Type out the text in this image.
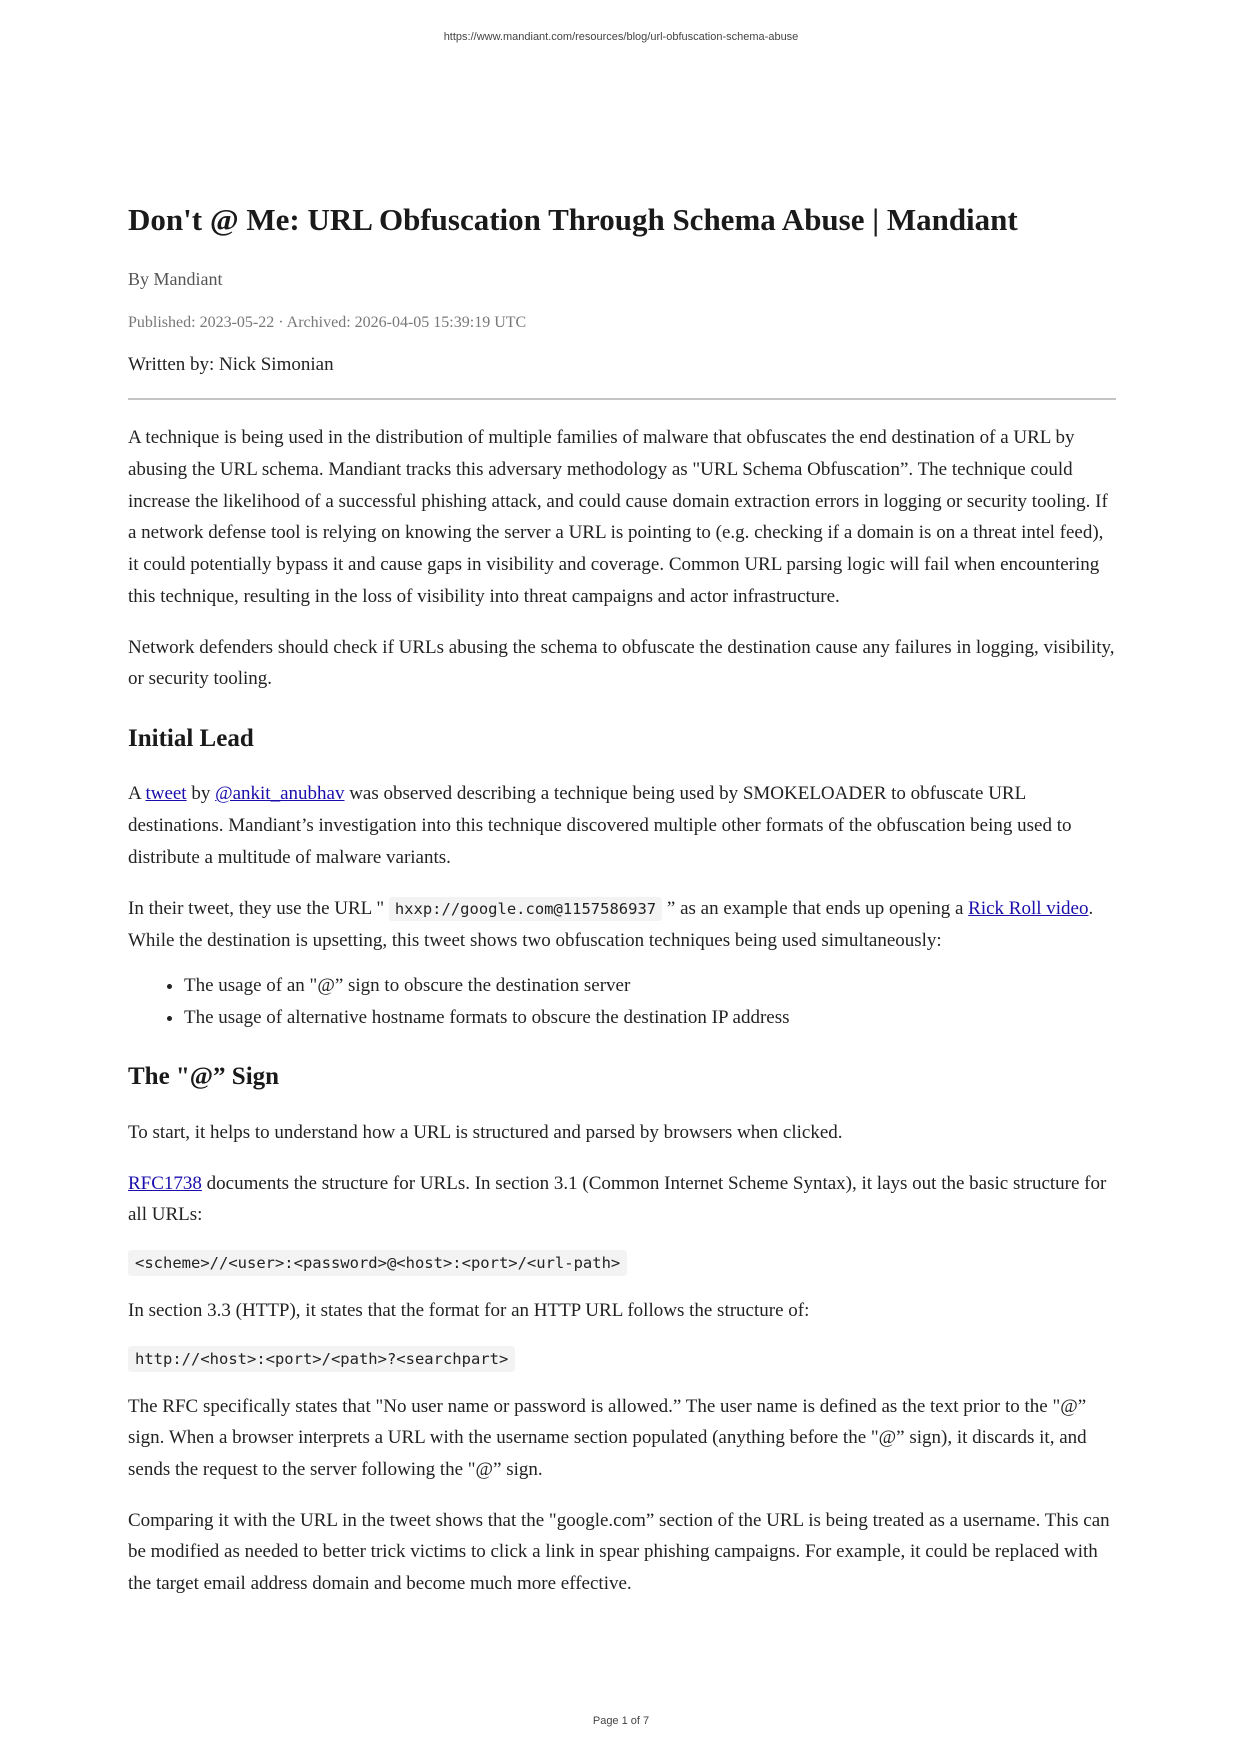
https://www.mandiant.com/resources/blog/url-obfuscation-schema-abuse
Don't @ Me: URL Obfuscation Through Schema Abuse | Mandiant
By Mandiant
Published: 2023-05-22 · Archived: 2026-04-05 15:39:19 UTC
Written by: Nick Simonian

A technique is being used in the distribution of multiple families of malware that obfuscates the end destination of a URL by abusing the URL schema. Mandiant tracks this adversary methodology as "URL Schema Obfuscation”. The technique could increase the likelihood of a successful phishing attack, and could cause domain extraction errors in logging or security tooling. If a network defense tool is relying on knowing the server a URL is pointing to (e.g. checking if a domain is on a threat intel feed), it could potentially bypass it and cause gaps in visibility and coverage. Common URL parsing logic will fail when encountering this technique, resulting in the loss of visibility into threat campaigns and actor infrastructure.

Network defenders should check if URLs abusing the schema to obfuscate the destination cause any failures in logging, visibility, or security tooling.

Initial Lead

A tweet by @ankit_anubhav was observed describing a technique being used by SMOKELOADER to obfuscate URL destinations. Mandiant’s investigation into this technique discovered multiple other formats of the obfuscation being used to distribute a multitude of malware variants.

In their tweet, they use the URL " hxxp://google.com@1157586937 ” as an example that ends up opening a Rick Roll video. While the destination is upsetting, this tweet shows two obfuscation techniques being used simultaneously:

• The usage of an "@” sign to obscure the destination server
• The usage of alternative hostname formats to obscure the destination IP address
The "@” Sign

To start, it helps to understand how a URL is structured and parsed by browsers when clicked.

RFC1738 documents the structure for URLs. In section 3.1 (Common Internet Scheme Syntax), it lays out the basic structure for all URLs:

<scheme>//<user>:<password>@<host>:<port>/<url-path>

In section 3.3 (HTTP), it states that the format for an HTTP URL follows the structure of:

http://<host>:<port>/<path>?<searchpart>

The RFC specifically states that "No user name or password is allowed.” The user name is defined as the text prior to the "@” sign. When a browser interprets a URL with the username section populated (anything before the "@” sign), it discards it, and sends the request to the server following the "@” sign.

Comparing it with the URL in the tweet shows that the "google.com” section of the URL is being treated as a username. This can be modified as needed to better trick victims to click a link in spear phishing campaigns. For example, it could be replaced with the target email address domain and become much more effective.

Page 1 of 7
